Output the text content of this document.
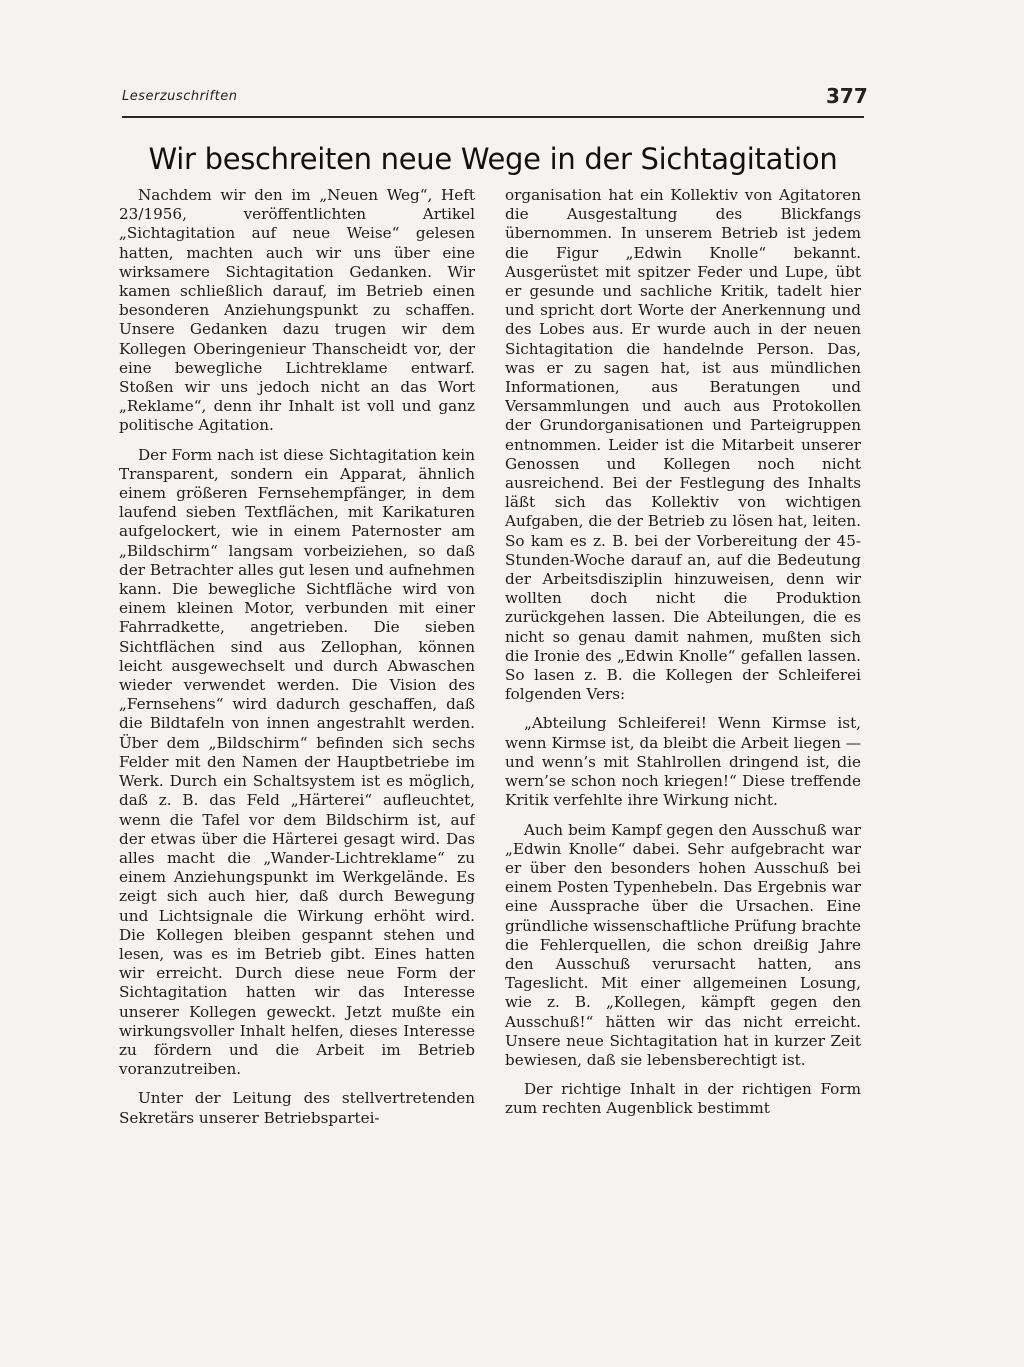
Leserzuschriften	377
Wir beschreiten neue Wege in der Sichtagitation

Nachdem wir den im „Neuen Weg“, Heft 23/1956, veröffentlichten Artikel „Sichtagitation auf neue Weise“ gelesen hatten, machten auch wir uns über eine wirksamere Sichtagitation Gedanken. Wir kamen schließlich darauf, im Betrieb einen besonderen Anziehungspunkt zu schaffen. Unsere Gedanken dazu trugen wir dem Kollegen Oberingenieur Thanscheidt vor, der eine bewegliche Lichtreklame entwarf. Stoßen wir uns jedoch nicht an das Wort „Reklame“, denn ihr Inhalt ist voll und ganz politische Agitation.

Der Form nach ist diese Sichtagitation kein Transparent, sondern ein Apparat, ähnlich einem größeren Fernsehempfänger, in dem laufend sieben Textflächen, mit Karikaturen aufgelockert, wie in einem Paternoster am „Bildschirm“ langsam vorbeiziehen, so daß der Betrachter alles gut lesen und aufnehmen kann. Die bewegliche Sichtfläche wird von einem kleinen Motor, verbunden mit einer Fahrradkette, angetrieben. Die sieben Sichtflächen sind aus Zellophan, können leicht ausgewechselt und durch Abwaschen wieder verwendet werden. Die Vision des „Fernsehens“ wird dadurch geschaffen, daß die Bildtafeln von innen angestrahlt werden. Über dem „Bildschirm“ befinden sich sechs Felder mit den Namen der Hauptbetriebe im Werk. Durch ein Schaltsystem ist es möglich, daß z. B. das Feld „Härterei“ aufleuchtet, wenn die Tafel vor dem Bildschirm ist, auf der etwas über die Härterei gesagt wird. Das alles macht die „Wander-Lichtreklame“ zu einem Anziehungspunkt im Werkgelände. Es zeigt sich auch hier, daß durch Bewegung und Lichtsignale die Wirkung erhöht wird. Die Kollegen bleiben gespannt stehen und lesen, was es im Betrieb gibt. Eines hatten wir erreicht. Durch diese neue Form der Sichtagitation hatten wir das Interesse unserer Kollegen geweckt. Jetzt mußte ein wirkungsvoller Inhalt helfen, dieses Interesse zu fördern und die Arbeit im Betrieb voranzutreiben.

Unter der Leitung des stellvertretenden Sekretärs unserer Betriebspartei-

organisation hat ein Kollektiv von Agitatoren die Ausgestaltung des Blickfangs übernommen. In unserem Betrieb ist jedem die Figur „Edwin Knolle“ bekannt. Ausgerüstet mit spitzer Feder und Lupe, übt er gesunde und sachliche Kritik, tadelt hier und spricht dort Worte der Anerkennung und des Lobes aus. Er wurde auch in der neuen Sichtagitation die handelnde Person. Das, was er zu sagen hat, ist aus mündlichen Informationen, aus Beratungen und Versammlungen und auch aus Protokollen der Grundorganisationen und Parteigruppen entnommen. Leider ist die Mitarbeit unserer Genossen und Kollegen noch nicht ausreichend. Bei der Festlegung des Inhalts läßt sich das Kollektiv von wichtigen Aufgaben, die der Betrieb zu lösen hat, leiten. So kam es z. B. bei der Vorbereitung der 45-Stunden-Woche darauf an, auf die Bedeutung der Arbeitsdisziplin hinzuweisen, denn wir wollten doch nicht die Produktion zurückgehen lassen. Die Abteilungen, die es nicht so genau damit nahmen, mußten sich die Ironie des „Edwin Knolle“ gefallen lassen. So lasen z. B. die Kollegen der Schleiferei folgenden Vers:

„Abteilung Schleiferei! Wenn Kirmse ist, wenn Kirmse ist, da bleibt die Arbeit liegen — und wenn’s mit Stahlrollen dringend ist, die wern’se schon noch kriegen!“ Diese treffende Kritik verfehlte ihre Wirkung nicht.

Auch beim Kampf gegen den Ausschuß war „Edwin Knolle“ dabei. Sehr aufgebracht war er über den besonders hohen Ausschuß bei einem Posten Typenhebeln. Das Ergebnis war eine Aussprache über die Ursachen. Eine gründliche wissenschaftliche Prüfung brachte die Fehlerquellen, die schon dreißig Jahre den Ausschuß verursacht hatten, ans Tageslicht. Mit einer allgemeinen Losung, wie z. B. „Kollegen, kämpft gegen den Ausschuß!“ hätten wir das nicht erreicht. Unsere neue Sichtagitation hat in kurzer Zeit bewiesen, daß sie lebensberechtigt ist.

Der richtige Inhalt in der richtigen Form zum rechten Augenblick bestimmt
